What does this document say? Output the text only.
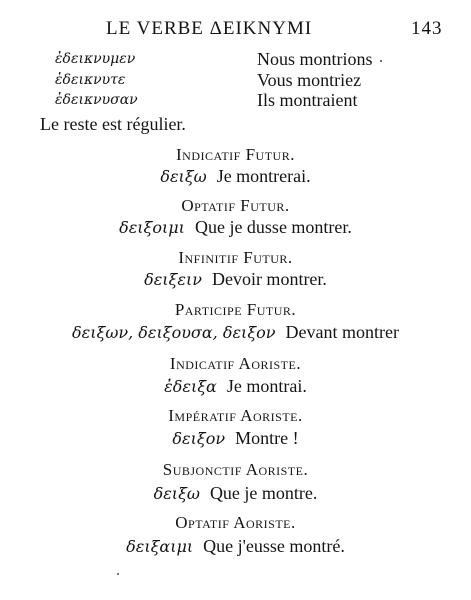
LE VERBE ΔΕΙΚΝΥΜΙ	143
ἐδεικνυμεν	Nous montrions
ἐδεικνυτε	Vous montriez
ἐδεικνυσαν	Ils montraient
Le reste est régulier.
Indicatif Futur.
δειξω Je montrerai.
Optatif Futur.
δειξοιμι Que je dusse montrer.
Infinitif Futur.
δειξειν Devoir montrer.
Participe Futur.
δειξων, δειξουσα, δειξον Devant montrer
Indicatif Aoriste.
ἐδειξα Je montrai.
Impératif Aoriste.
δειξον Montre !
Subjonctif Aoriste.
δειξω Que je montre.
Optatif Aoriste.
δειξαιμι Que j'eusse montré.
